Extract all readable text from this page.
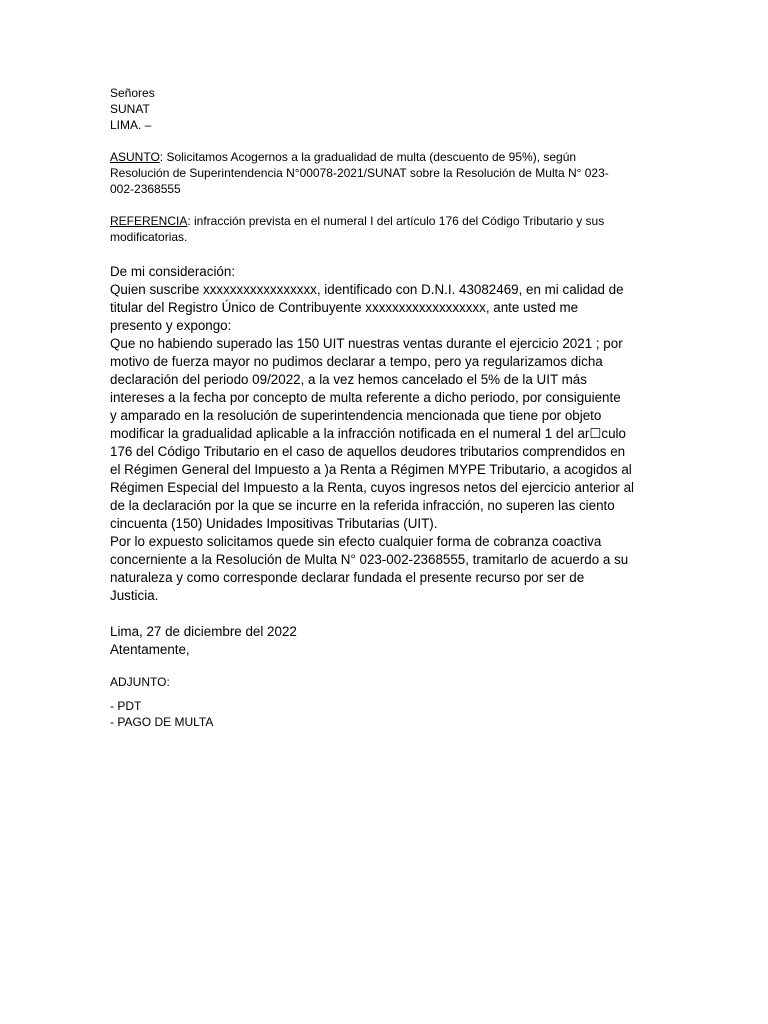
Señores
SUNAT
LIMA. –
ASUNTO: Solicitamos Acogernos a la gradualidad de multa (descuento de 95%), según
Resolución de Superintendencia N°00078-2021/SUNAT sobre la Resolución de Multa N° 023-
002-2368555
REFERENCIA: infracción prevista en el numeral I del artículo 176 del Código Tributario y sus
modificatorias.
De mi consideración:
Quien suscribe xxxxxxxxxxxxxxxxx, identificado con D.N.I. 43082469, en mi calidad de
titular del Registro Único de Contribuyente xxxxxxxxxxxxxxxxxx, ante usted me
presento y expongo:
Que no habiendo superado las 150 UIT nuestras ventas durante el ejercicio 2021 ; por
motivo de fuerza mayor no pudimos declarar a tempo, pero ya regularizamos dicha
declaración del periodo 09/2022, a la vez hemos cancelado el 5% de la UIT más
intereses a la fecha por concepto de multa referente a dicho periodo, por consiguiente
y amparado en la resolución de superintendencia mencionada que tiene por objeto
modificar la gradualidad aplicable a la infracción notificada en el numeral 1 del ar☐culo
176 del Código Tributario en el caso de aquellos deudores tributarios comprendidos en
el Régimen General del Impuesto a )a Renta a Régimen MYPE Tributario, a acogidos al
Régimen Especial del Impuesto a la Renta, cuyos ingresos netos del ejercicio anterior al
de la declaración por la que se incurre en la referida infracción, no superen las ciento
cincuenta (150) Unidades Impositivas Tributarias (UIT).
Por lo expuesto solicitamos quede sin efecto cualquier forma de cobranza coactiva
concerniente a la Resolución de Multa N° 023-002-2368555, tramitarlo de acuerdo a su
naturaleza y como corresponde declarar fundada el presente recurso por ser de
Justicia.
Lima, 27 de diciembre del 2022
Atentamente,
ADJUNTO:
- PDT
- PAGO DE MULTA
